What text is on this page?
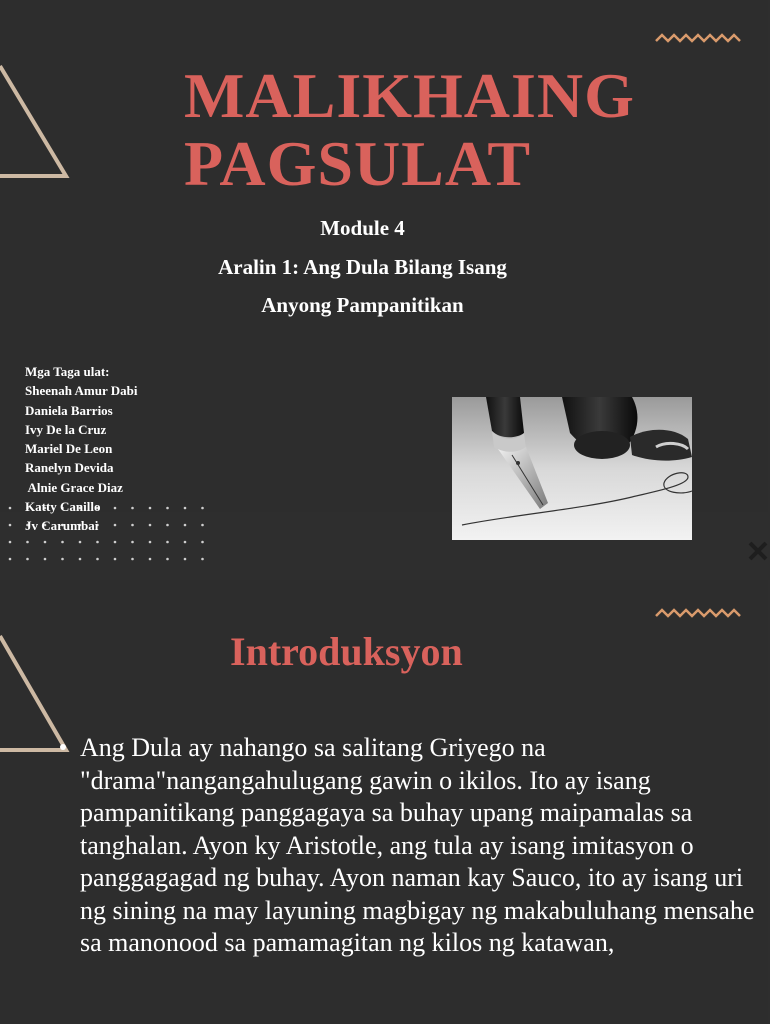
MALIKHAING
PAGSULAT
Module 4
Aralin 1: Ang Dula Bilang Isang
Anyong Pampanitikan
Mga Taga ulat:
Sheenah Amur Dabi
Daniela Barrios
Ivy De la Cruz
Mariel De Leon
Ranelyn Devida
Alnie Grace Diaz
Katty Canillo
Jv Carumbai
Introduksyon

Ang Dula ay nahango sa salitang Griyego na "drama"nangangahulugang gawin o ikilos. Ito ay isang pampanitikang panggagaya sa buhay upang maipamalas sa tanghalan. Ayon ky Aristotle, ang tula ay isang imitasyon o panggagagad ng buhay. Ayon naman kay Sauco, ito ay isang uri ng sining na may layuning magbigay ng makabuluhang mensahe sa manonood sa pamamagitan ng kilos ng katawan,
